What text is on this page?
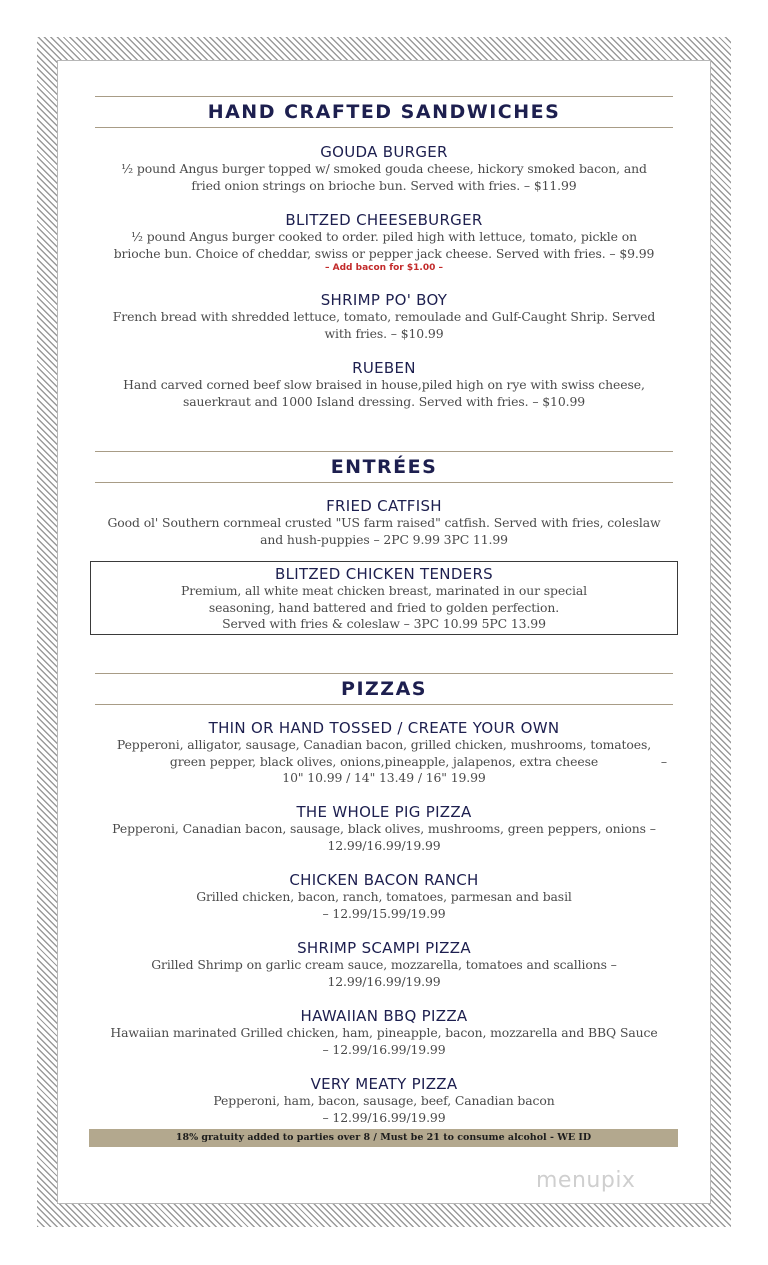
HAND CRAFTED SANDWICHES
GOUDA BURGER
½ pound Angus burger topped w/ smoked gouda cheese, hickory smoked bacon, and
fried onion strings on brioche bun. Served with fries. – $11.99
BLITZED CHEESEBURGER
½ pound Angus burger cooked to order. piled high with lettuce, tomato, pickle on
brioche bun. Choice of cheddar, swiss or pepper jack cheese. Served with fries. – $9.99
– Add bacon for $1.00 –
SHRIMP PO' BOY
French bread with shredded lettuce, tomato, remoulade and Gulf-Caught Shrip. Served
with fries. – $10.99
RUEBEN
Hand carved corned beef slow braised in house,piled high on rye with swiss cheese,
sauerkraut and 1000 Island dressing. Served with fries. – $10.99
ENTRÉES
FRIED CATFISH
Good ol' Southern cornmeal crusted "US farm raised" catfish. Served with fries, coleslaw
and hush-puppies – 2PC 9.99 3PC 11.99
BLITZED CHICKEN TENDERS
Premium, all white meat chicken breast, marinated in our special
seasoning, hand battered and fried to golden perfection.
Served with fries & coleslaw – 3PC 10.99 5PC 13.99
PIZZAS
THIN OR HAND TOSSED / CREATE YOUR OWN
Pepperoni, alligator, sausage, Canadian bacon, grilled chicken, mushrooms, tomatoes,
green pepper, black olives, onions,pineapple, jalapenos, extra cheese	–
10" 10.99 / 14" 13.49 / 16" 19.99
THE WHOLE PIG PIZZA
Pepperoni, Canadian bacon, sausage, black olives, mushrooms, green peppers, onions –
12.99/16.99/19.99
CHICKEN BACON RANCH
Grilled chicken, bacon, ranch, tomatoes, parmesan and basil
– 12.99/15.99/19.99
SHRIMP SCAMPI PIZZA
Grilled Shrimp on garlic cream sauce, mozzarella, tomatoes and scallions –
12.99/16.99/19.99
HAWAIIAN BBQ PIZZA
Hawaiian marinated Grilled chicken, ham, pineapple, bacon, mozzarella and BBQ Sauce
– 12.99/16.99/19.99
VERY MEATY PIZZA
Pepperoni, ham, bacon, sausage, beef, Canadian bacon
– 12.99/16.99/19.99
18% gratuity added to parties over 8 / Must be 21 to consume alcohol - WE ID
menupix
